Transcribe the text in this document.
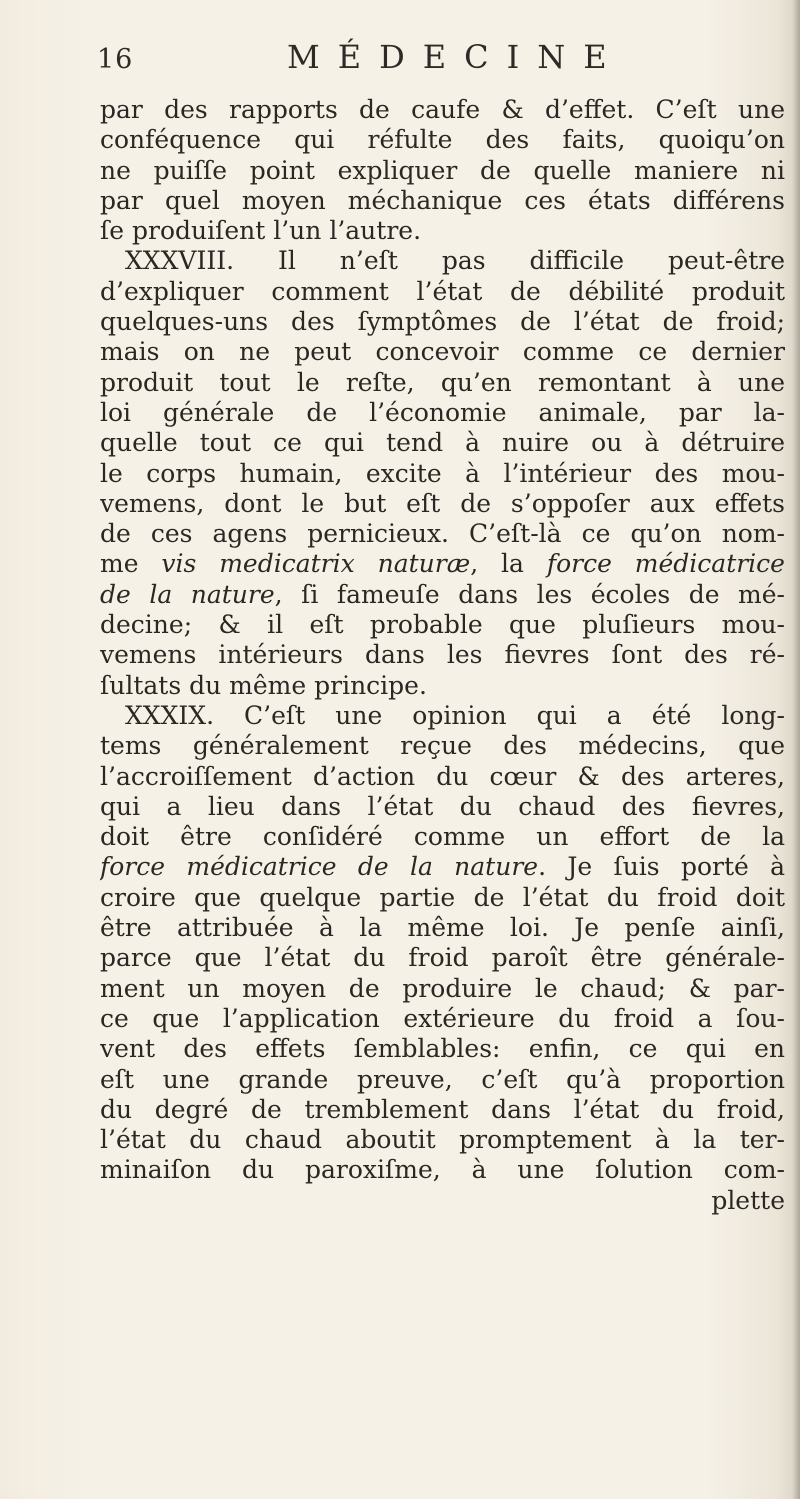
16	MÉDECINE
par des rapports de caufe & d’effet. C’eſt une
conféquence qui réfulte des faits, quoiqu’on
ne puiſſe point expliquer de quelle maniere ni
par quel moyen méchanique ces états différens
ſe produiſent l’un l’autre.
XXXVIII. Il n’eſt pas difficile peut-être
d’expliquer comment l’état de débilité produit
quelques-uns des ſymptômes de l’état de froid;
mais on ne peut concevoir comme ce dernier
produit tout le reſte, qu’en remontant à une
loi générale de l’économie animale, par la-
quelle tout ce qui tend à nuire ou à détruire
le corps humain, excite à l’intérieur des mou-
vemens, dont le but eſt de s’oppoſer aux effets
de ces agens pernicieux. C’eſt-là ce qu’on nom-
me vis medicatrix naturæ, la force médicatrice
de la nature, ſi fameuſe dans les écoles de mé-
decine; & il eſt probable que pluſieurs mou-
vemens intérieurs dans les fievres ſont des ré-
ſultats du même principe.
XXXIX. C’eſt une opinion qui a été long-
tems généralement reçue des médecins, que
l’accroiſſement d’action du cœur & des arteres,
qui a lieu dans l’état du chaud des fievres,
doit être conſidéré comme un effort de la
force médicatrice de la nature. Je ſuis porté à
croire que quelque partie de l’état du froid doit
être attribuée à la même loi. Je penſe ainſi,
parce que l’état du froid paroît être générale-
ment un moyen de produire le chaud; & par-
ce que l’application extérieure du froid a ſou-
vent des effets ſemblables: enfin, ce qui en
eſt une grande preuve, c’eſt qu’à proportion
du degré de tremblement dans l’état du froid,
l’état du chaud aboutit promptement à la ter-
minaiſon du paroxiſme, à une ſolution com-
plette
